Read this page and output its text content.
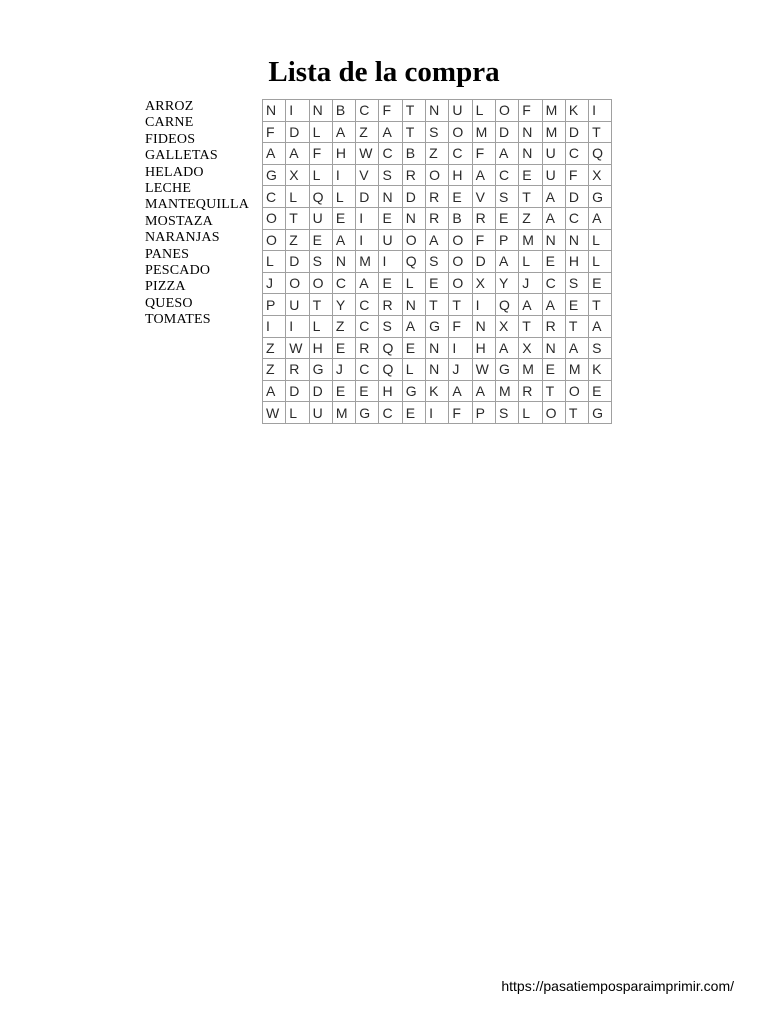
Lista de la compra
ARROZ
CARNE
FIDEOS
GALLETAS
HELADO
LECHE
MANTEQUILLA
MOSTAZA
NARANJAS
PANES
PESCADO
PIZZA
QUESO
TOMATES
N	I	N	B	C	F	T	N	U	L	O	F	M	K	I
F	D	L	A	Z	A	T	S	O	M	D	N	M	D	T
A	A	F	H	W	C	B	Z	C	F	A	N	U	C	Q
G	X	L	I	V	S	R	O	H	A	C	E	U	F	X
C	L	Q	L	D	N	D	R	E	V	S	T	A	D	G
O	T	U	E	I	E	N	R	B	R	E	Z	A	C	A
O	Z	E	A	I	U	O	A	O	F	P	M	N	N	L
L	D	S	N	M	I	Q	S	O	D	A	L	E	H	L
J	O	O	C	A	E	L	E	O	X	Y	J	C	S	E
P	U	T	Y	C	R	N	T	T	I	Q	A	A	E	T
I	I	L	Z	C	S	A	G	F	N	X	T	R	T	A
Z	W	H	E	R	Q	E	N	I	H	A	X	N	A	S
Z	R	G	J	C	Q	L	N	J	W	G	M	E	M	K
A	D	D	E	E	H	G	K	A	A	M	R	T	O	E
W	L	U	M	G	C	E	I	F	P	S	L	O	T	G

https://pasatiemposparaimprimir.com/
